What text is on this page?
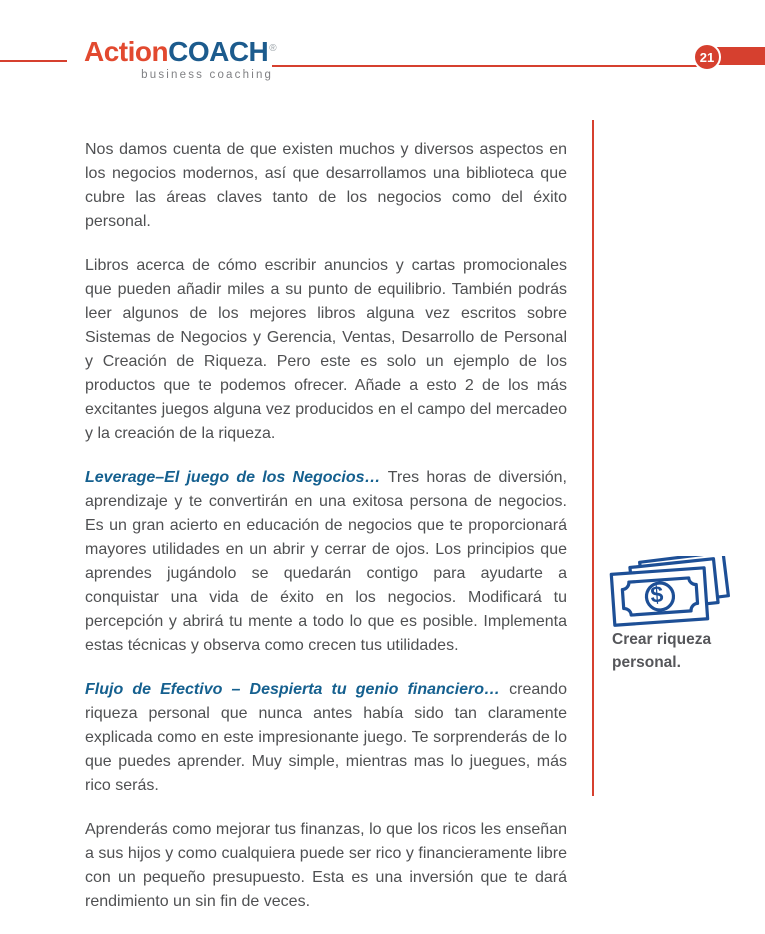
ActionCOACH®
business coaching
21

Nos damos cuenta de que existen muchos y diversos aspectos en los negocios modernos, así que desarrollamos una biblioteca que cubre las áreas claves tanto de los negocios como del éxito personal.

Libros acerca de cómo escribir anuncios y cartas promocionales que pueden añadir miles a su punto de equilibrio. También podrás leer algunos de los mejores libros alguna vez escritos sobre Sistemas de Negocios y Gerencia, Ventas, Desarrollo de Personal y Creación de Riqueza. Pero este es solo un ejemplo de los productos que te podemos ofrecer. Añade a esto 2 de los más excitantes juegos alguna vez producidos en el campo del mercadeo y la creación de la riqueza.

Leverage–El juego de los Negocios… Tres horas de diversión, aprendizaje y te convertirán en una exitosa persona de negocios. Es un gran acierto en educación de negocios que te proporcionará mayores utilidades en un abrir y cerrar de ojos. Los principios que aprendes jugándolo se quedarán contigo para ayudarte a conquistar una vida de éxito en los negocios. Modificará tu percepción y abrirá tu mente a todo lo que es posible. Implementa estas técnicas y observa como crecen tus utilidades.

Flujo de Efectivo – Despierta tu genio financiero… creando riqueza personal que nunca antes había sido tan claramente explicada como en este impresionante juego. Te sorprenderás de lo que puedes aprender. Muy simple, mientras mas lo juegues, más rico serás.

Aprenderás como mejorar tus finanzas, lo que los ricos les enseñan a sus hijos y como cualquiera puede ser rico y financieramente libre con un pequeño presupuesto. Esta es una inversión que te dará rendimiento un sin fin de veces.

$
Crear riqueza personal.
